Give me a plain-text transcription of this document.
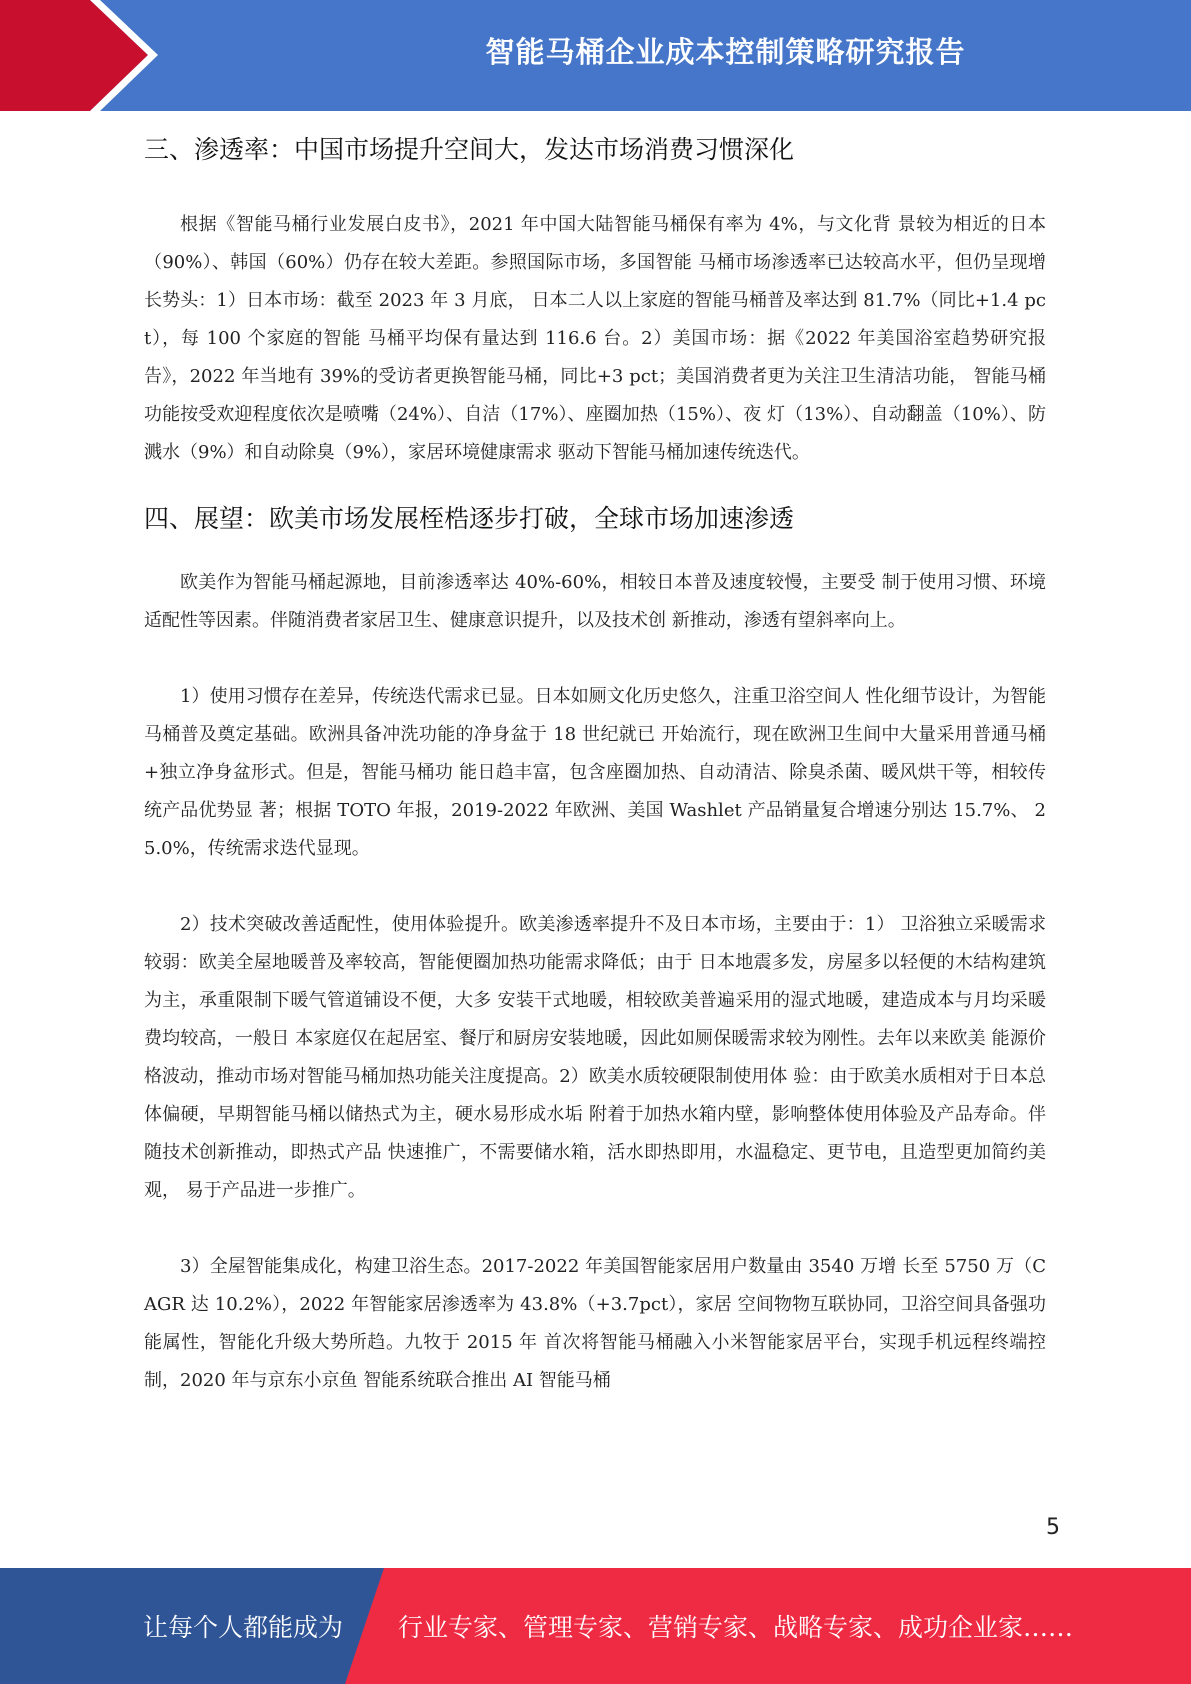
智能马桶企业成本控制策略研究报告
三、渗透率：中国市场提升空间大，发达市场消费习惯深化

根据《智能马桶行业发展白皮书》，2021 年中国大陆智能马桶保有率为 4%，与文化背 景较为相近的日本（90%）、韩国（60%）仍存在较大差距。参照国际市场，多国智能 马桶市场渗透率已达较高水平，但仍呈现增长势头：1）日本市场：截至 2023 年 3 月底， 日本二人以上家庭的智能马桶普及率达到 81.7%（同比+1.4 pct），每 100 个家庭的智能 马桶平均保有量达到 116.6 台。2）美国市场：据《2022 年美国浴室趋势研究报告》，2022 年当地有 39%的受访者更换智能马桶，同比+3 pct；美国消费者更为关注卫生清洁功能， 智能马桶功能按受欢迎程度依次是喷嘴（24%）、自洁（17%）、座圈加热（15%）、夜 灯（13%）、自动翻盖（10%）、防溅水（9%）和自动除臭（9%），家居环境健康需求 驱动下智能马桶加速传统迭代。

四、展望：欧美市场发展桎梏逐步打破，全球市场加速渗透

欧美作为智能马桶起源地，目前渗透率达 40%-60%，相较日本普及速度较慢，主要受 制于使用习惯、环境适配性等因素。伴随消费者家居卫生、健康意识提升，以及技术创 新推动，渗透有望斜率向上。

1）使用习惯存在差异，传统迭代需求已显。日本如厕文化历史悠久，注重卫浴空间人 性化细节设计，为智能马桶普及奠定基础。欧洲具备冲洗功能的净身盆于 18 世纪就已 开始流行，现在欧洲卫生间中大量采用普通马桶+独立净身盆形式。但是，智能马桶功 能日趋丰富，包含座圈加热、自动清洁、除臭杀菌、暖风烘干等，相较传统产品优势显 著；根据 TOTO 年报，2019-2022 年欧洲、美国 Washlet 产品销量复合增速分别达 15.7%、 25.0%，传统需求迭代显现。

2）技术突破改善适配性，使用体验提升。欧美渗透率提升不及日本市场，主要由于：1） 卫浴独立采暖需求较弱：欧美全屋地暖普及率较高，智能便圈加热功能需求降低；由于 日本地震多发，房屋多以轻便的木结构建筑为主，承重限制下暖气管道铺设不便，大多 安装干式地暖，相较欧美普遍采用的湿式地暖，建造成本与月均采暖费均较高，一般日 本家庭仅在起居室、餐厅和厨房安装地暖，因此如厕保暖需求较为刚性。去年以来欧美 能源价格波动，推动市场对智能马桶加热功能关注度提高。2）欧美水质较硬限制使用体 验：由于欧美水质相对于日本总体偏硬，早期智能马桶以储热式为主，硬水易形成水垢 附着于加热水箱内壁，影响整体使用体验及产品寿命。伴随技术创新推动，即热式产品 快速推广，不需要储水箱，活水即热即用，水温稳定、更节电，且造型更加简约美观， 易于产品进一步推广。

3）全屋智能集成化，构建卫浴生态。2017-2022 年美国智能家居用户数量由 3540 万增 长至 5750 万（CAGR 达 10.2%），2022 年智能家居渗透率为 43.8%（+3.7pct），家居 空间物物互联协同，卫浴空间具备强功能属性，智能化升级大势所趋。九牧于 2015 年 首次将智能马桶融入小米智能家居平台，实现手机远程终端控制，2020 年与京东小京鱼 智能系统联合推出 AI 智能马桶

5
让每个人都能成为 行业专家、管理专家、营销专家、战略专家、成功企业家……
